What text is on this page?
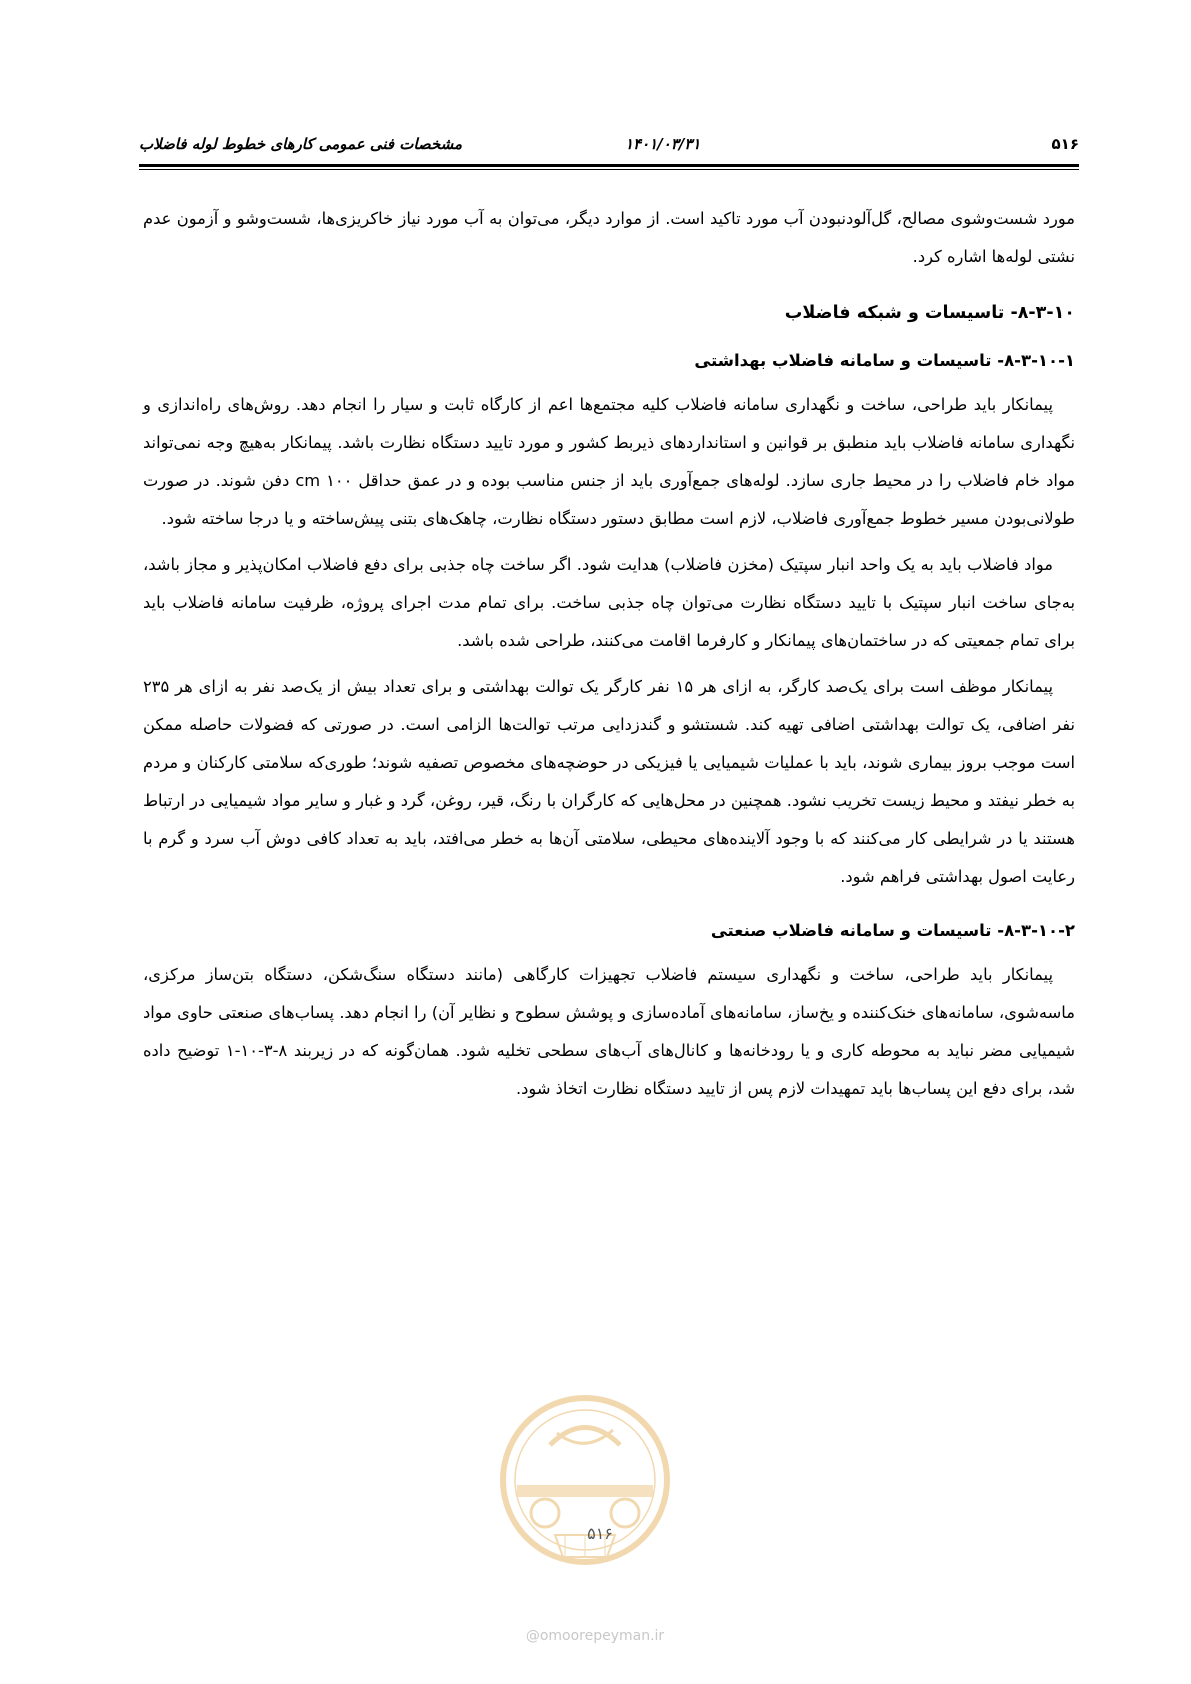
۵۱۶
۱۴۰۱/۰۳/۳۱
مشخصات فنی عمومی کارهای خطوط لوله فاضلاب

مورد شست‌وشوی مصالح، گل‌آلودنبودن آب مورد تاکید است. از موارد دیگر، می‌توان به آب مورد نیاز خاکریزی‌ها، شست‌وشو و آزمون عدم نشتی لوله‌ها اشاره کرد.

۸-۳-۱۰- تاسیسات و شبکه فاضلاب
۸-۳-۱۰-۱- تاسیسات و سامانه فاضلاب بهداشتی

پیمانکار باید طراحی، ساخت و نگهداری سامانه فاضلاب کلیه مجتمع‌ها اعم از کارگاه ثابت و سیار را انجام دهد. روش‌های راه‌اندازی و نگهداری سامانه فاضلاب باید منطبق بر قوانین و استانداردهای ذیربط کشور و مورد تایید دستگاه نظارت باشد. پیمانکار به‌هیچ وجه نمی‌تواند مواد خام فاضلاب را در محیط جاری سازد. لوله‌های جمع‌آوری باید از جنس مناسب بوده و در عمق حداقل ۱۰۰ cm دفن شوند. در صورت طولانی‌بودن مسیر خطوط جمع‌آوری فاضلاب، لازم است مطابق دستور دستگاه نظارت، چاهک‌های بتنی پیش‌ساخته و یا درجا ساخته شود.

مواد فاضلاب باید به یک واحد انبار سپتیک (مخزن فاضلاب) هدایت شود. اگر ساخت چاه جذبی برای دفع فاضلاب امکان‌پذیر و مجاز باشد، به‌جای ساخت انبار سپتیک با تایید دستگاه نظارت می‌توان چاه جذبی ساخت. برای تمام مدت اجرای پروژه، ظرفیت سامانه فاضلاب باید برای تمام جمعیتی که در ساختمان‌های پیمانکار و کارفرما اقامت می‌کنند، طراحی شده باشد.

پیمانکار موظف است برای یک‌صد کارگر، به ازای هر ۱۵ نفر کارگر یک توالت بهداشتی و برای تعداد بیش از یک‌صد نفر به ازای هر ۲۳۵ نفر اضافی، یک توالت بهداشتی اضافی تهیه کند. شستشو و گندزدایی مرتب توالت‌ها الزامی است. در صورتی که فضولات حاصله ممکن است موجب بروز بیماری شوند، باید با عملیات شیمیایی یا فیزیکی در حوضچه‌های مخصوص تصفیه شوند؛ طوری‌که سلامتی کارکنان و مردم به خطر نیفتد و محیط زیست تخریب نشود. همچنین در محل‌هایی که کارگران با رنگ، قیر، روغن، گرد و غبار و سایر مواد شیمیایی در ارتباط هستند یا در شرایطی کار می‌کنند که با وجود آلاینده‌های محیطی، سلامتی آن‌ها به خطر می‌افتد، باید به تعداد کافی دوش آب سرد و گرم با رعایت اصول بهداشتی فراهم شود.

۸-۳-۱۰-۲- تاسیسات و سامانه فاضلاب صنعتی

پیمانکار باید طراحی، ساخت و نگهداری سیستم فاضلاب تجهیزات کارگاهی (مانند دستگاه سنگ‌شکن، دستگاه بتن‌ساز مرکزی، ماسه‌شوی، سامانه‌های خنک‌کننده و یخ‌ساز، سامانه‌های آماده‌سازی و پوشش سطوح و نظایر آن) را انجام دهد. پساب‌های صنعتی حاوی مواد شیمیایی مضر نباید به محوطه کاری و یا رودخانه‌ها و کانال‌های آب‌های سطحی تخلیه شود. همان‌گونه که در زیربند ۸-۳-۱۰-۱ توضیح داده شد، برای دفع این پساب‌ها باید تمهیدات لازم پس از تایید دستگاه نظارت اتخاذ شود.

۵۱۶
@omoorepeyman.ir
